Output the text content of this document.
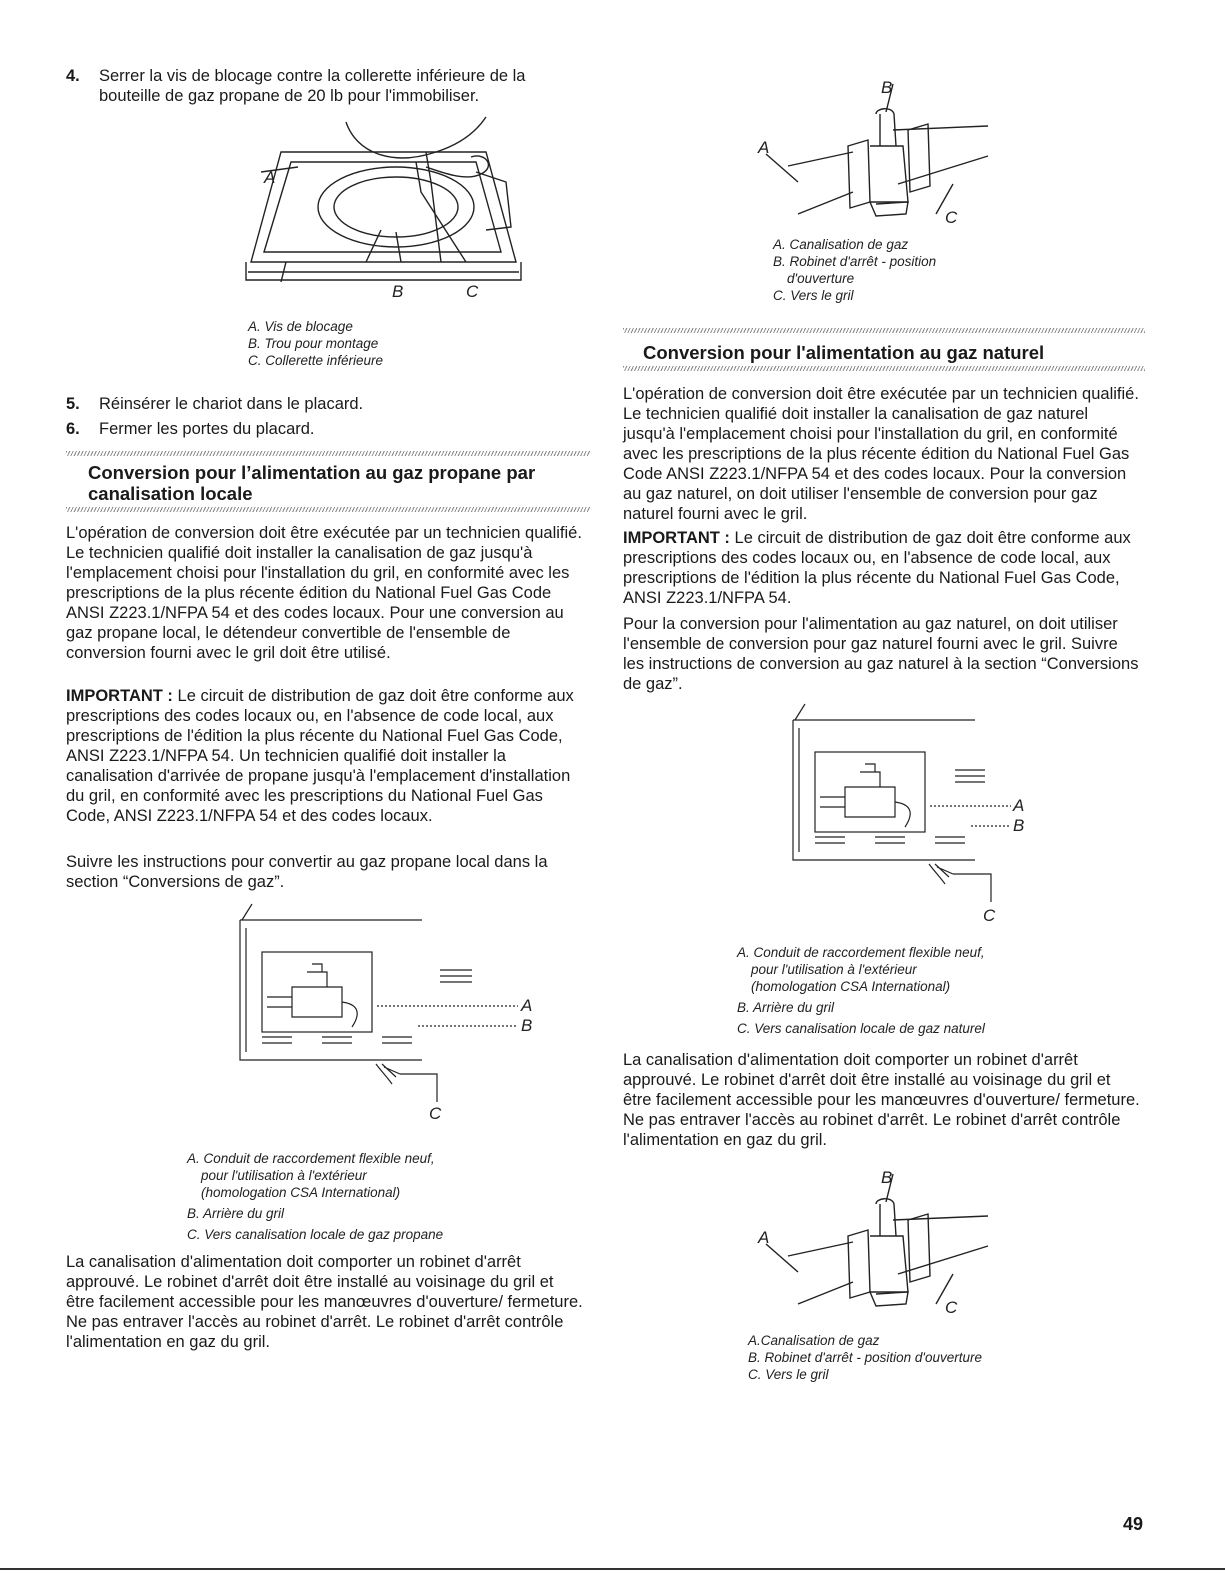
4. Serrer la vis de blocage contre la collerette inférieure de la bouteille de gaz propane de 20 lb pour l'immobiliser.
A
B	C
A. Vis de blocage
B. Trou pour montage
C. Collerette inférieure
5. Réinsérer le chariot dans le placard.
6. Fermer les portes du placard.
Conversion pour l’alimentation au gaz propane par canalisation locale

L'opération de conversion doit être exécutée par un technicien qualifié. Le technicien qualifié doit installer la canalisation de gaz jusqu'à l'emplacement choisi pour l'installation du gril, en conformité avec les prescriptions de la plus récente édition du National Fuel Gas Code ANSI Z223.1/NFPA 54 et des codes locaux. Pour une conversion au gaz propane local, le détendeur convertible de l'ensemble de conversion fourni avec le gril doit être utilisé.

IMPORTANT : Le circuit de distribution de gaz doit être conforme aux prescriptions des codes locaux ou, en l'absence de code local, aux prescriptions de l'édition la plus récente du National Fuel Gas Code, ANSI Z223.1/NFPA 54. Un technicien qualifié doit installer la canalisation d'arrivée de propane jusqu'à l'emplacement d'installation du gril, en conformité avec les prescriptions du National Fuel Gas Code, ANSI Z223.1/NFPA 54 et des codes locaux.

Suivre les instructions pour convertir au gaz propane local dans la section “Conversions de gaz”.

A
B
C
A. Conduit de raccordement flexible neuf,
pour l'utilisation à l'extérieur
(homologation CSA International)
B. Arrière du gril
C. Vers canalisation locale de gaz propane

La canalisation d'alimentation doit comporter un robinet d'arrêt approuvé. Le robinet d'arrêt doit être installé au voisinage du gril et être facilement accessible pour les manœuvres d'ouverture/ fermeture. Ne pas entraver l'accès au robinet d'arrêt. Le robinet d'arrêt contrôle l'alimentation en gaz du gril.

B
A
C
A. Canalisation de gaz
B. Robinet d'arrêt - position
d'ouverture
C. Vers le gril
Conversion pour l'alimentation au gaz naturel

L'opération de conversion doit être exécutée par un technicien qualifié. Le technicien qualifié doit installer la canalisation de gaz naturel jusqu'à l'emplacement choisi pour l'installation du gril, en conformité avec les prescriptions de la plus récente édition du National Fuel Gas Code ANSI Z223.1/NFPA 54 et des codes locaux. Pour la conversion au gaz naturel, on doit utiliser l'ensemble de conversion pour gaz naturel fourni avec le gril.

IMPORTANT : Le circuit de distribution de gaz doit être conforme aux prescriptions des codes locaux ou, en l'absence de code local, aux prescriptions de l'édition la plus récente du National Fuel Gas Code, ANSI Z223.1/NFPA 54.

Pour la conversion pour l'alimentation au gaz naturel, on doit utiliser l'ensemble de conversion pour gaz naturel fourni avec le gril. Suivre les instructions de conversion au gaz naturel à la section “Conversions de gaz”.

A
B
C
A. Conduit de raccordement flexible neuf,
pour l'utilisation à l'extérieur
(homologation CSA International)
B. Arrière du gril
C. Vers canalisation locale de gaz naturel

La canalisation d'alimentation doit comporter un robinet d'arrêt approuvé. Le robinet d'arrêt doit être installé au voisinage du gril et être facilement accessible pour les manœuvres d'ouverture/ fermeture. Ne pas entraver l'accès au robinet d'arrêt. Le robinet d'arrêt contrôle l'alimentation en gaz du gril.

B
A
C
A.Canalisation de gaz
B. Robinet d'arrêt - position d'ouverture
C. Vers le gril
49
